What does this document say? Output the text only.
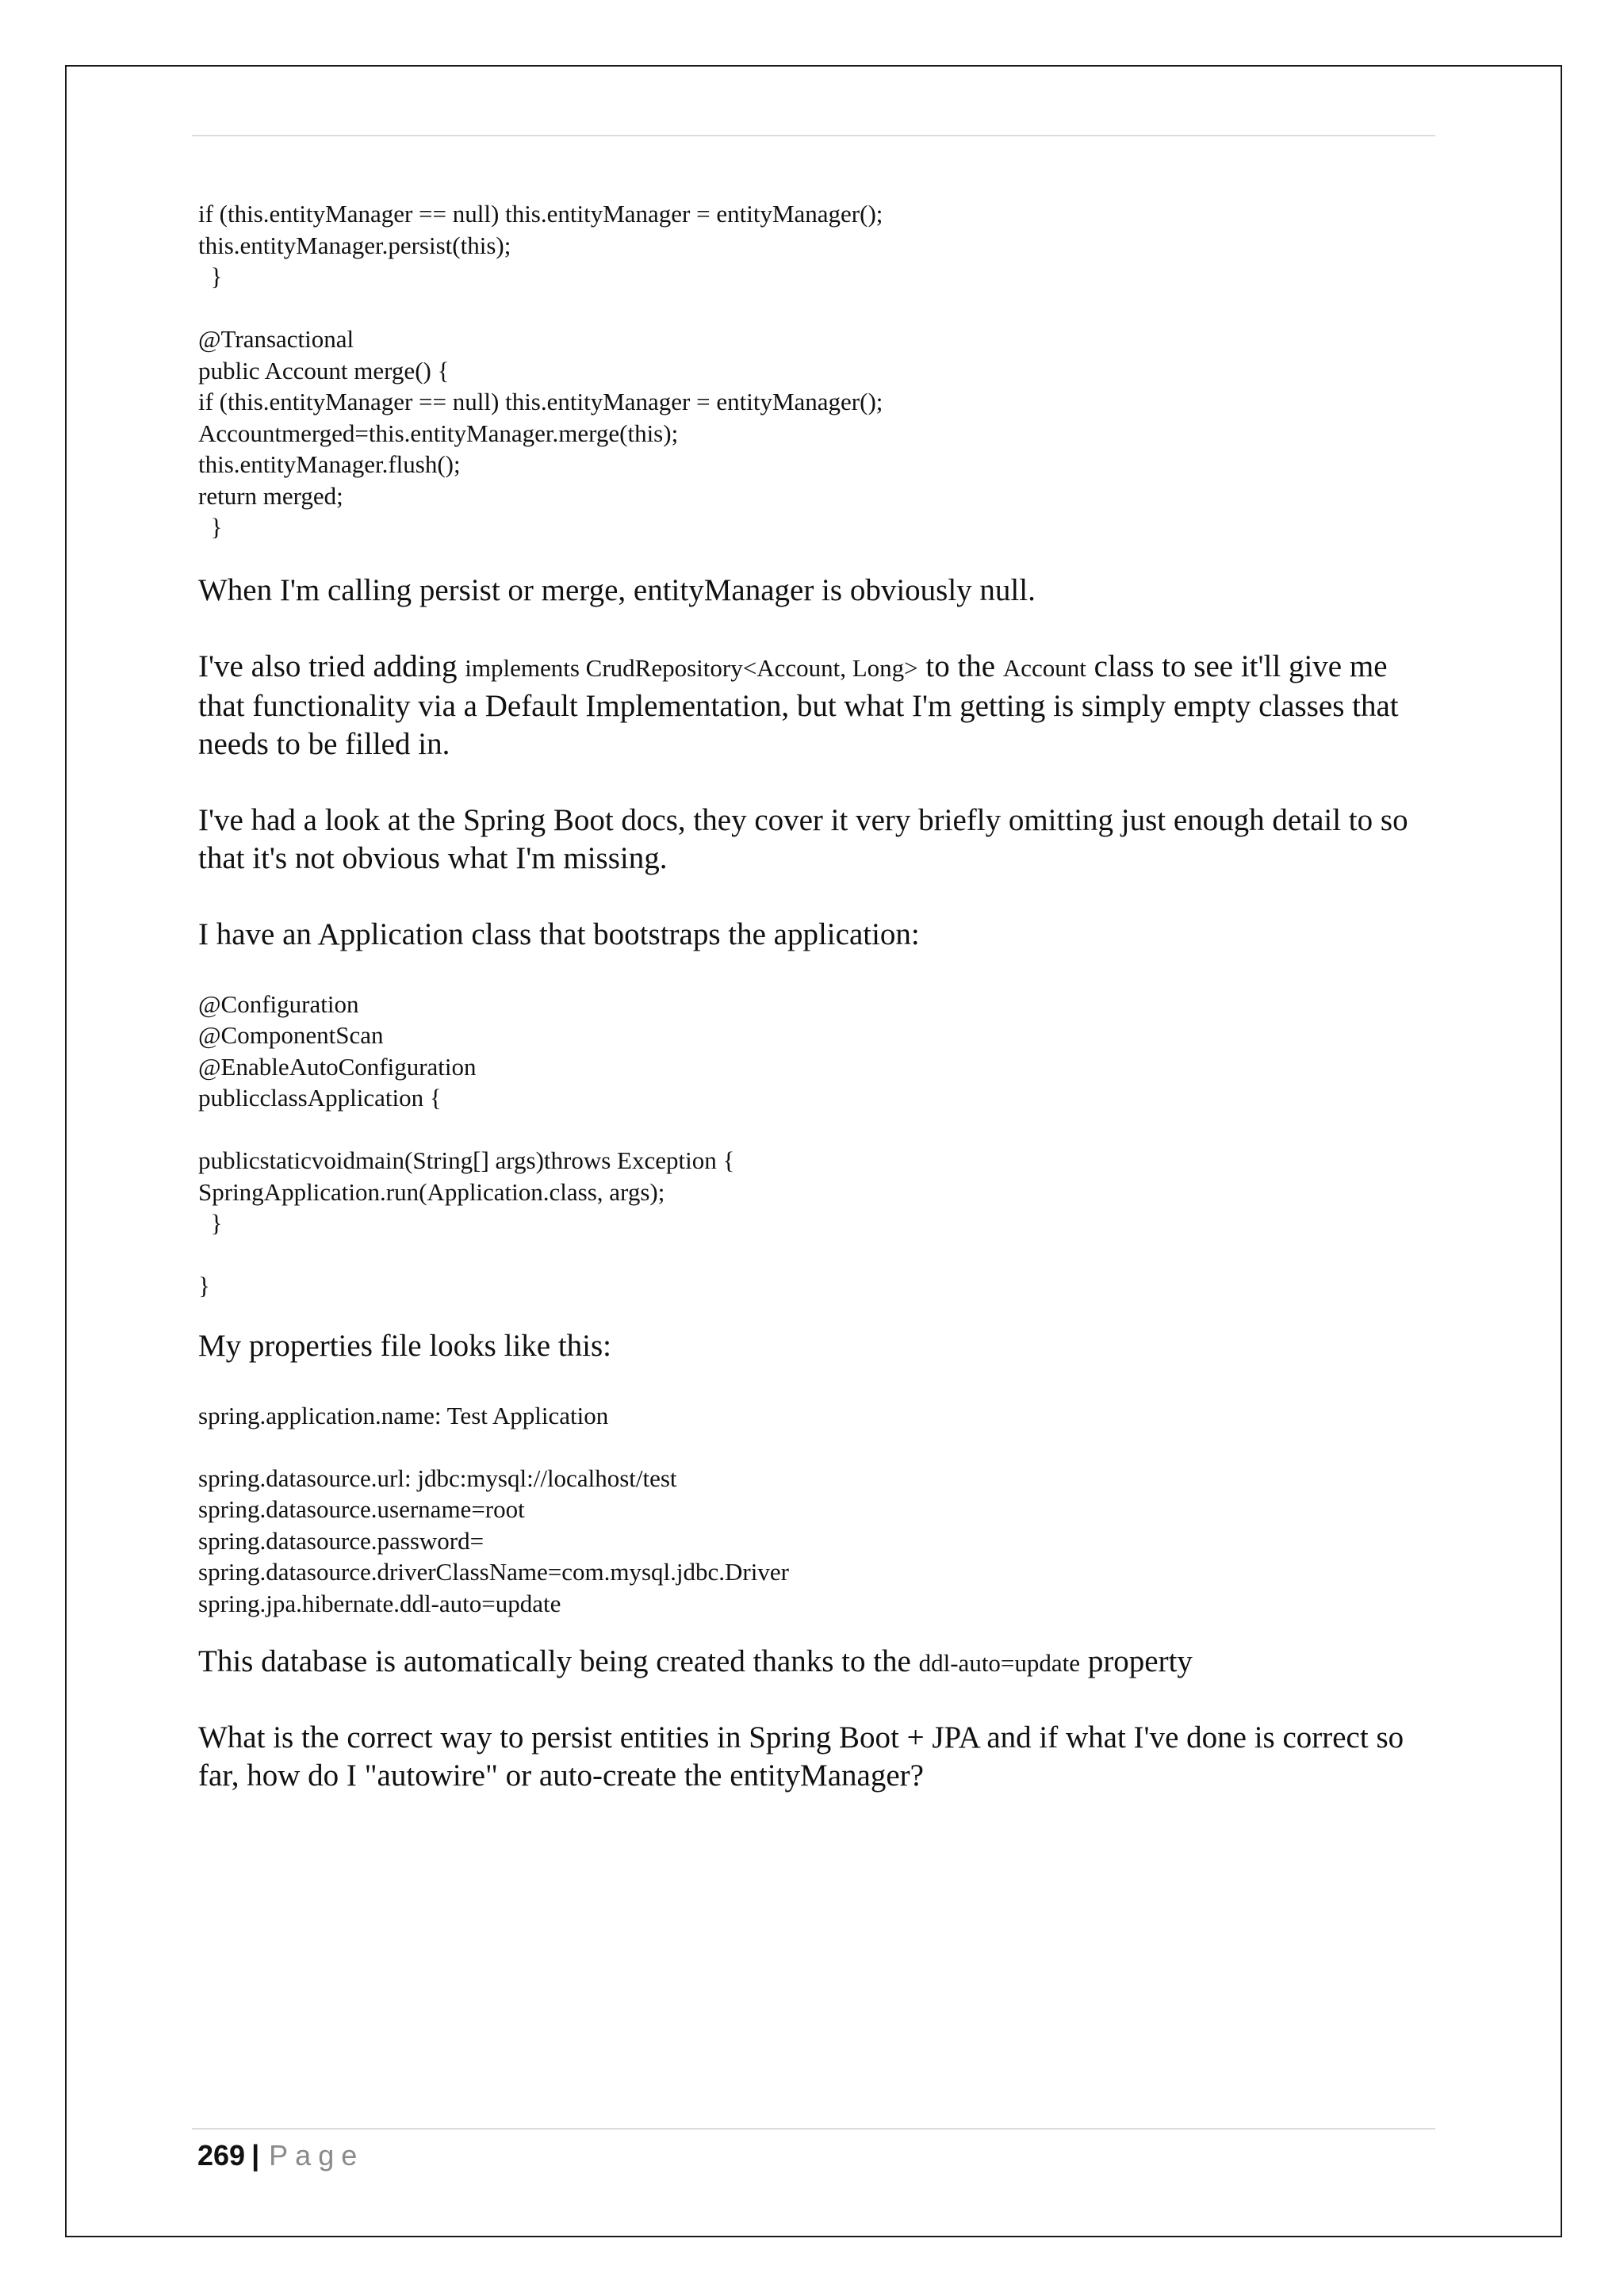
if (this.entityManager == null) this.entityManager = entityManager();
this.entityManager.persist(this);
}

@Transactional
public Account merge() {
if (this.entityManager == null) this.entityManager = entityManager();
Accountmerged=this.entityManager.merge(this);
this.entityManager.flush();
return merged;
}

When I'm calling persist or merge, entityManager is obviously null.

I've also tried adding implements CrudRepository<Account, Long> to the Account class to see it'll give me that functionality via a Default Implementation, but what I'm getting is simply empty classes that needs to be filled in.

I've had a look at the Spring Boot docs, they cover it very briefly omitting just enough detail to so that it's not obvious what I'm missing.

I have an Application class that bootstraps the application:

@Configuration
@ComponentScan
@EnableAutoConfiguration
publicclassApplication {

publicstaticvoidmain(String[] args)throws Exception {
SpringApplication.run(Application.class, args);
}

}

My properties file looks like this:

spring.application.name: Test Application

spring.datasource.url: jdbc:mysql://localhost/test
spring.datasource.username=root
spring.datasource.password=
spring.datasource.driverClassName=com.mysql.jdbc.Driver
spring.jpa.hibernate.ddl-auto=update

This database is automatically being created thanks to the ddl-auto=update property

What is the correct way to persist entities in Spring Boot + JPA and if what I've done is correct so far, how do I "autowire" or auto-create the entityManager?

269 | Page
